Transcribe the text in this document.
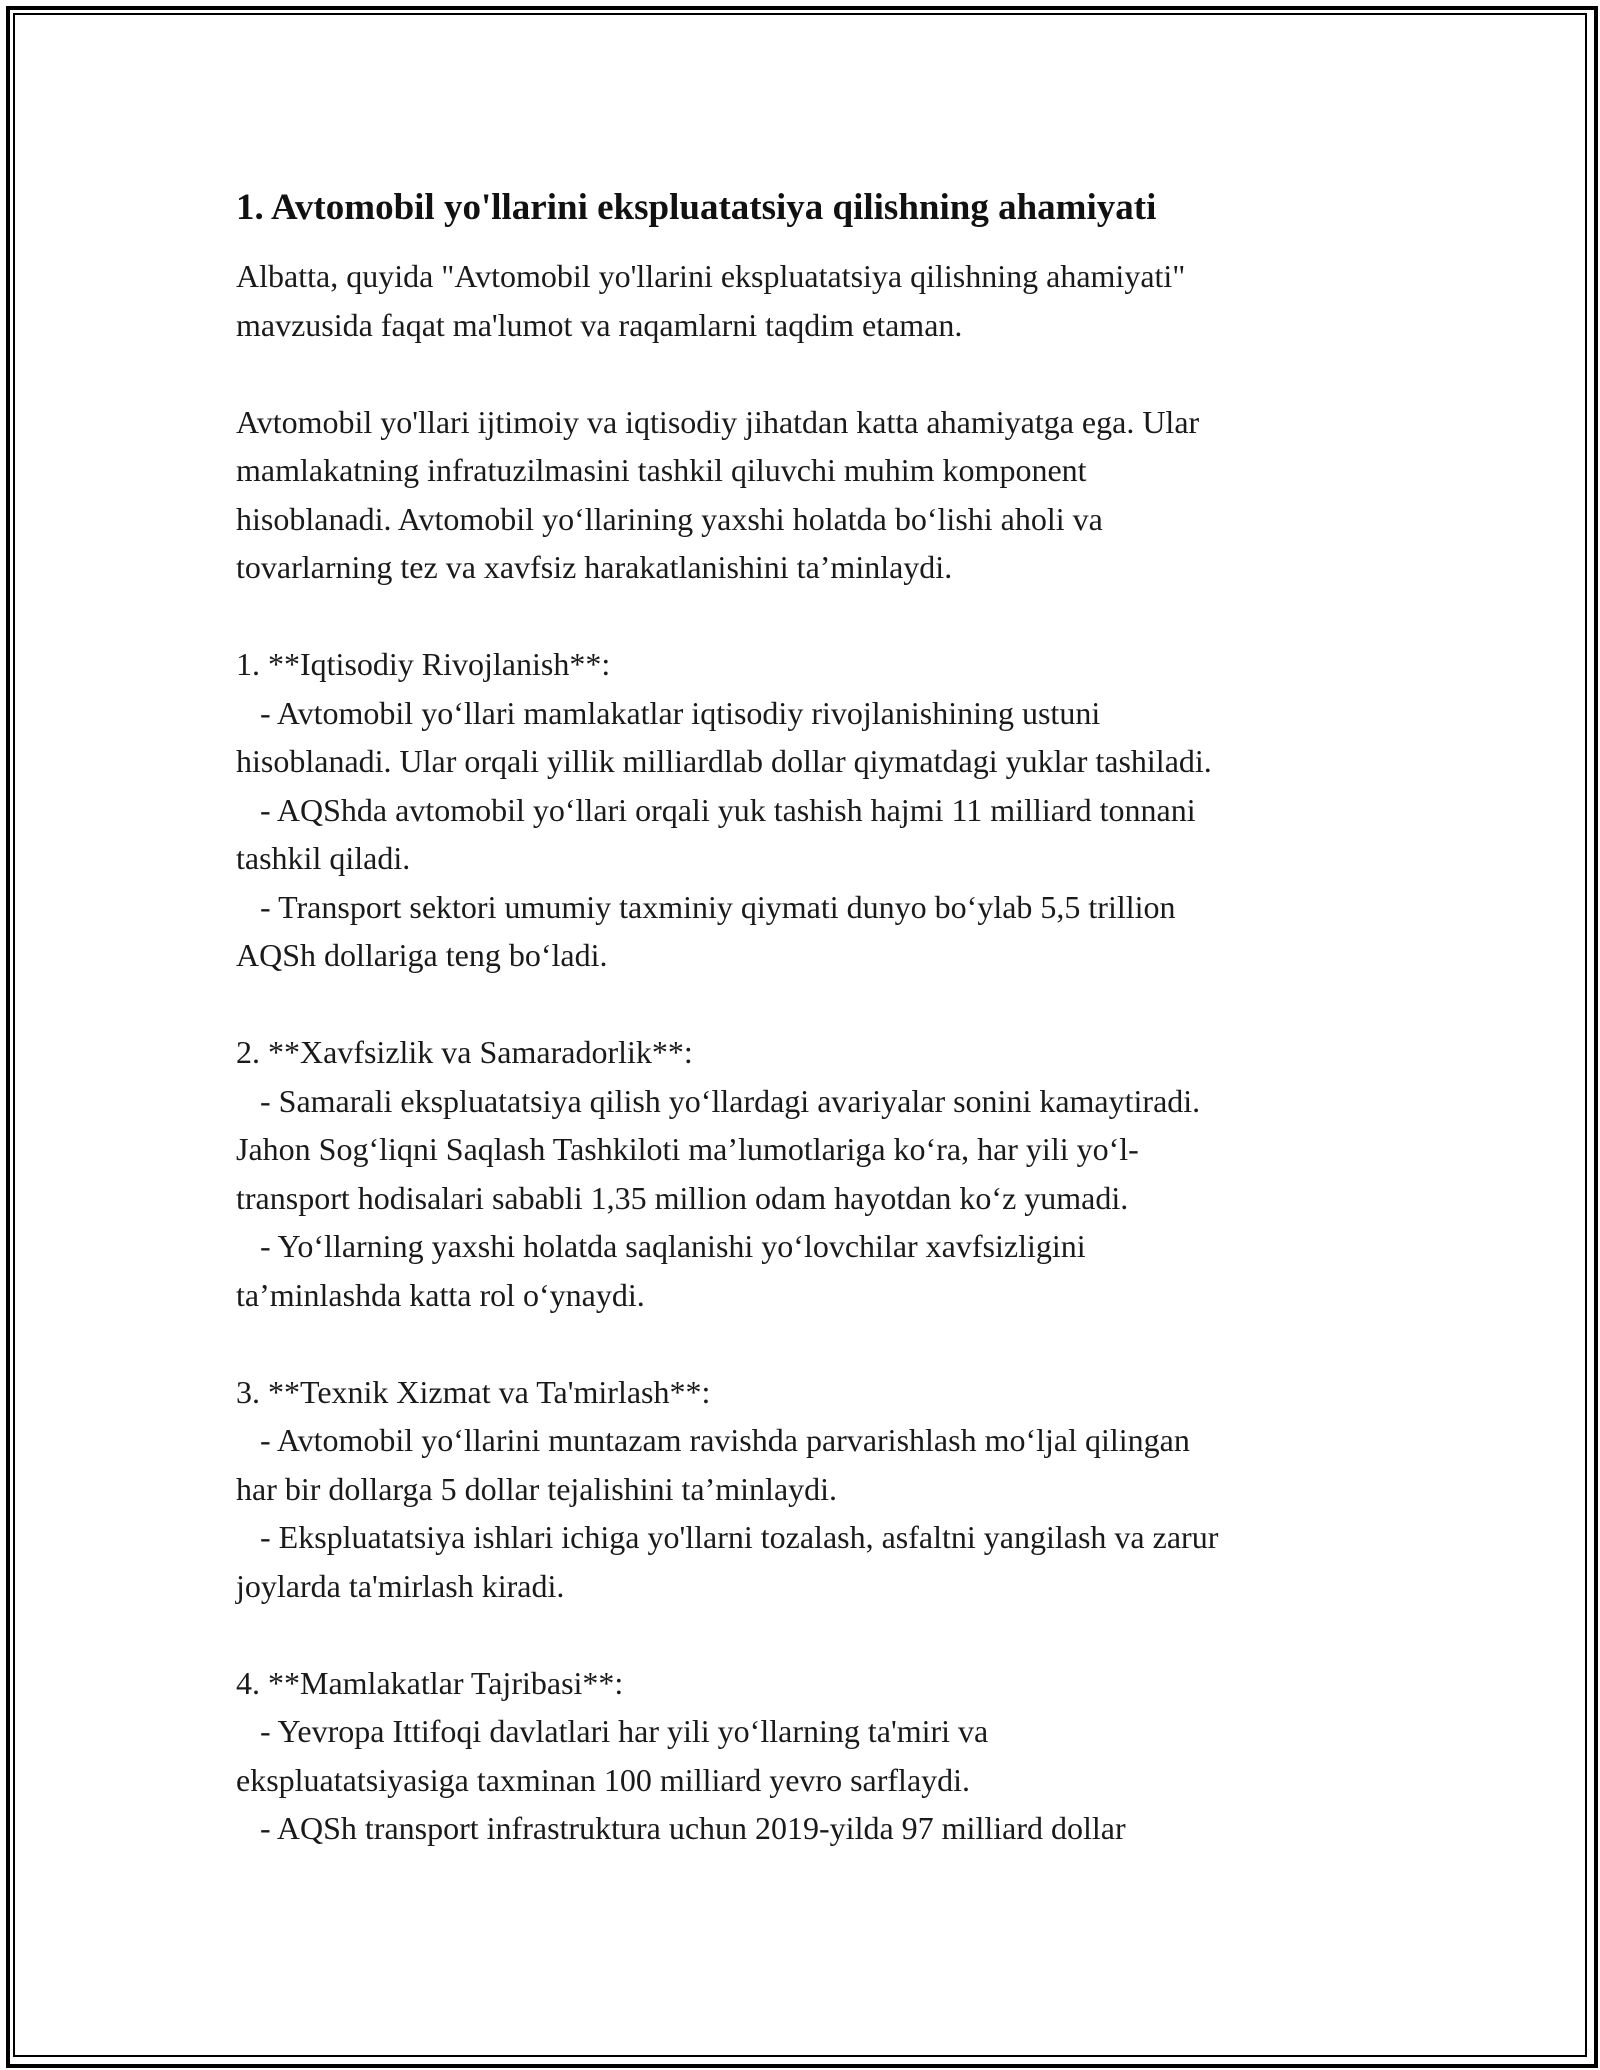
1. Avtomobil yo'llarini ekspluatatsiya qilishning ahamiyati

Albatta, quyida "Avtomobil yo'llarini ekspluatatsiya qilishning ahamiyati"
mavzusida faqat ma'lumot va raqamlarni taqdim etaman.

Avtomobil yo'llari ijtimoiy va iqtisodiy jihatdan katta ahamiyatga ega. Ular
mamlakatning infratuzilmasini tashkil qiluvchi muhim komponent
hisoblanadi. Avtomobil yo‘llarining yaxshi holatda bo‘lishi aholi va
tovarlarning tez va xavfsiz harakatlanishini ta’minlaydi.

1. **Iqtisodiy Rivojlanish**:
- Avtomobil yo‘llari mamlakatlar iqtisodiy rivojlanishining ustuni
hisoblanadi. Ular orqali yillik milliardlab dollar qiymatdagi yuklar tashiladi.
- AQShda avtomobil yo‘llari orqali yuk tashish hajmi 11 milliard tonnani
tashkil qiladi.
- Transport sektori umumiy taxminiy qiymati dunyo bo‘ylab 5,5 trillion
AQSh dollariga teng bo‘ladi.

2. **Xavfsizlik va Samaradorlik**:
- Samarali ekspluatatsiya qilish yo‘llardagi avariyalar sonini kamaytiradi.
Jahon Sog‘liqni Saqlash Tashkiloti ma’lumotlariga ko‘ra, har yili yo‘l-
transport hodisalari sababli 1,35 million odam hayotdan ko‘z yumadi.
- Yo‘llarning yaxshi holatda saqlanishi yo‘lovchilar xavfsizligini
ta’minlashda katta rol o‘ynaydi.

3. **Texnik Xizmat va Ta'mirlash**:
- Avtomobil yo‘llarini muntazam ravishda parvarishlash mo‘ljal qilingan
har bir dollarga 5 dollar tejalishini ta’minlaydi.
- Ekspluatatsiya ishlari ichiga yo'llarni tozalash, asfaltni yangilash va zarur
joylarda ta'mirlash kiradi.

4. **Mamlakatlar Tajribasi**:
- Yevropa Ittifoqi davlatlari har yili yo‘llarning ta'miri va
ekspluatatsiyasiga taxminan 100 milliard yevro sarflaydi.
- AQSh transport infrastruktura uchun 2019-yilda 97 milliard dollar
